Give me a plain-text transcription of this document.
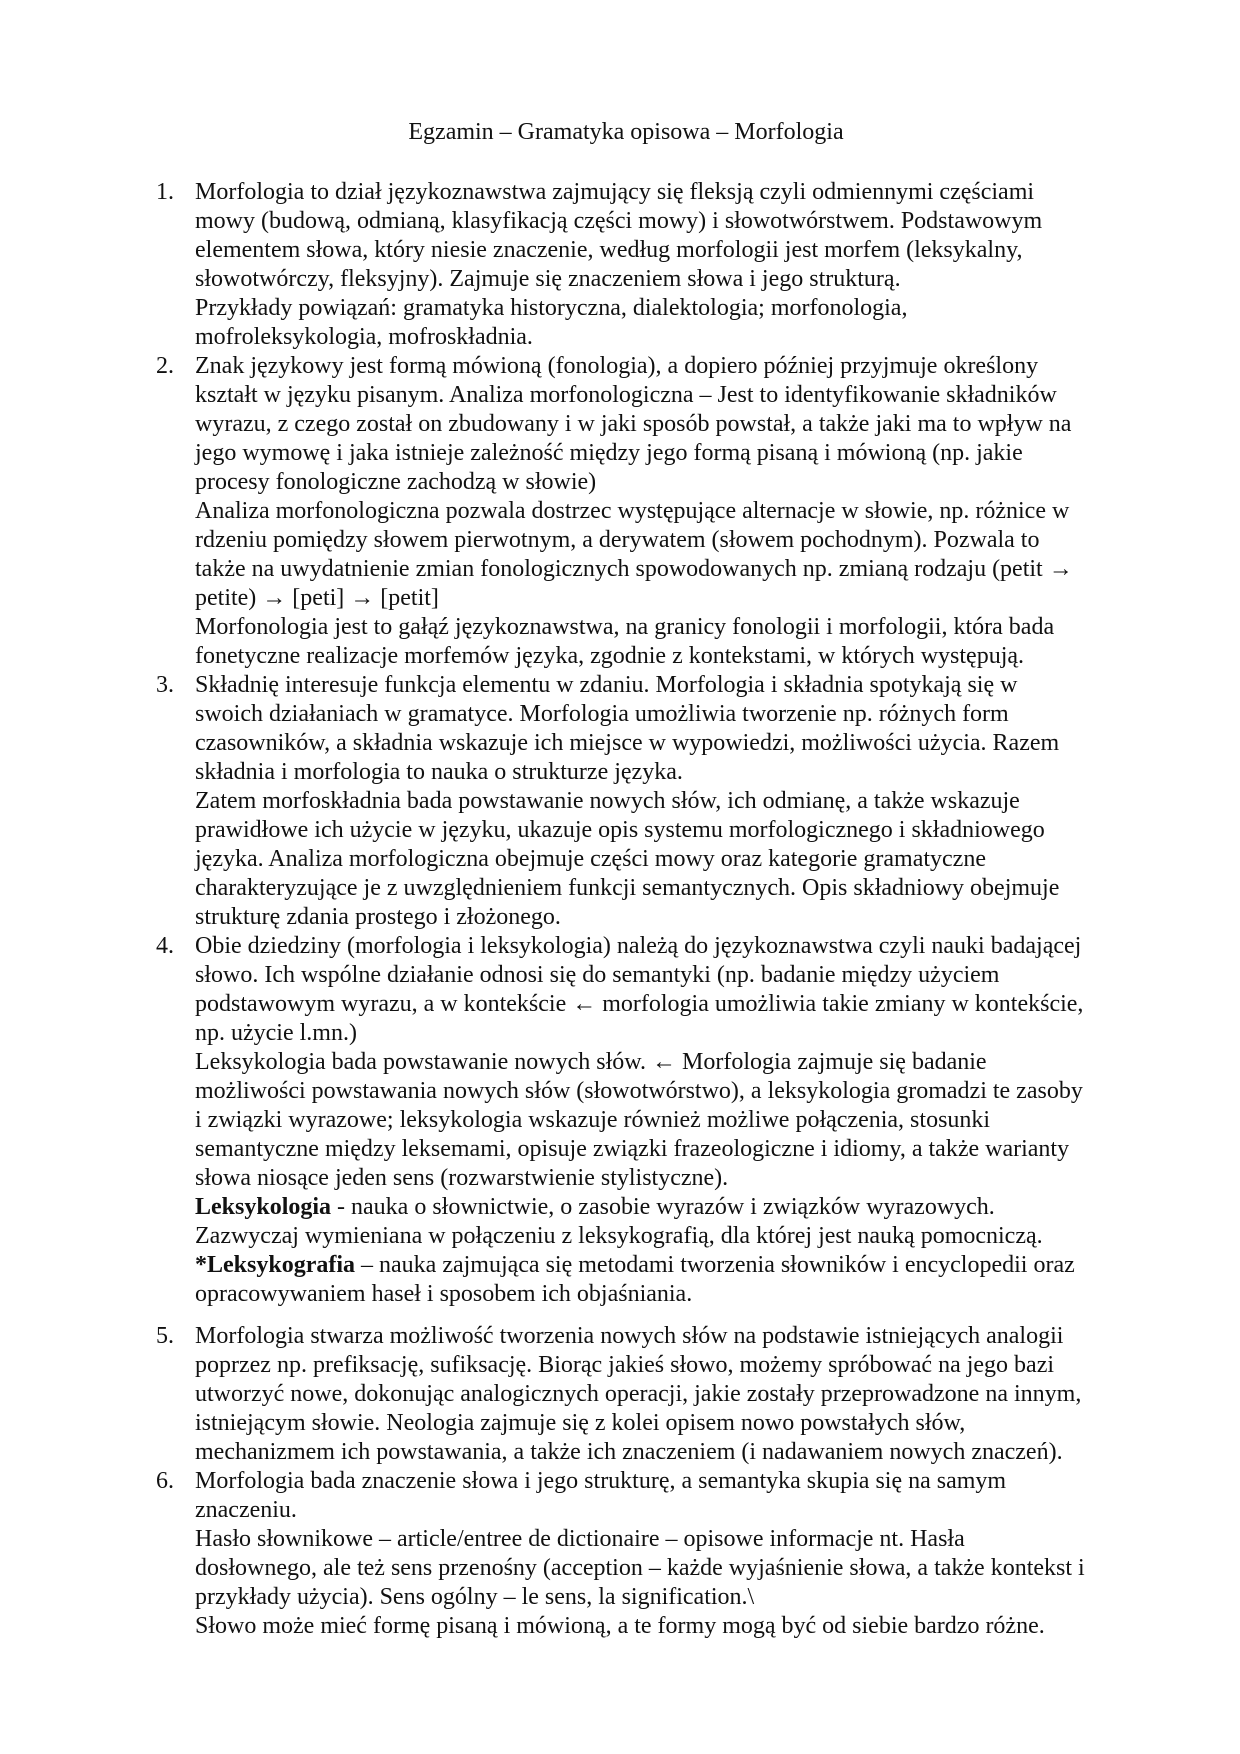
Egzamin – Gramatyka opisowa – Morfologia
1. Morfologia to dział językoznawstwa zajmujący się fleksją czyli odmiennymi częściami
mowy (budową, odmianą, klasyfikacją części mowy) i słowotwórstwem. Podstawowym
elementem słowa, który niesie znaczenie, według morfologii jest morfem (leksykalny,
słowotwórczy, fleksyjny). Zajmuje się znaczeniem słowa i jego strukturą.
Przykłady powiązań: gramatyka historyczna, dialektologia; morfonologia,
mofroleksykologia, mofroskładnia.
2. Znak językowy jest formą mówioną (fonologia), a dopiero później przyjmuje określony
kształt w języku pisanym. Analiza morfonologiczna – Jest to identyfikowanie składników
wyrazu, z czego został on zbudowany i w jaki sposób powstał, a także jaki ma to wpływ na
jego wymowę i jaka istnieje zależność między jego formą pisaną i mówioną (np. jakie
procesy fonologiczne zachodzą w słowie)
Analiza morfonologiczna pozwala dostrzec występujące alternacje w słowie, np. różnice w
rdzeniu pomiędzy słowem pierwotnym, a derywatem (słowem pochodnym). Pozwala to
także na uwydatnienie zmian fonologicznych spowodowanych np. zmianą rodzaju (petit →
petite) → [peti] → [petit]
Morfonologia jest to gałąź językoznawstwa, na granicy fonologii i morfologii, która bada
fonetyczne realizacje morfemów języka, zgodnie z kontekstami, w których występują.
3. Składnię interesuje funkcja elementu w zdaniu. Morfologia i składnia spotykają się w
swoich działaniach w gramatyce. Morfologia umożliwia tworzenie np. różnych form
czasowników, a składnia wskazuje ich miejsce w wypowiedzi, możliwości użycia. Razem
składnia i morfologia to nauka o strukturze języka.
Zatem morfoskładnia bada powstawanie nowych słów, ich odmianę, a także wskazuje
prawidłowe ich użycie w języku, ukazuje opis systemu morfologicznego i składniowego
języka. Analiza morfologiczna obejmuje części mowy oraz kategorie gramatyczne
charakteryzujące je z uwzględnieniem funkcji semantycznych. Opis składniowy obejmuje
strukturę zdania prostego i złożonego.
4. Obie dziedziny (morfologia i leksykologia) należą do językoznawstwa czyli nauki badającej
słowo. Ich wspólne działanie odnosi się do semantyki (np. badanie między użyciem
podstawowym wyrazu, a w kontekście ← morfologia umożliwia takie zmiany w kontekście,
np. użycie l.mn.)
Leksykologia bada powstawanie nowych słów. ← Morfologia zajmuje się badanie
możliwości powstawania nowych słów (słowotwórstwo), a leksykologia gromadzi te zasoby
i związki wyrazowe; leksykologia wskazuje również możliwe połączenia, stosunki
semantyczne między leksemami, opisuje związki frazeologiczne i idiomy, a także warianty
słowa niosące jeden sens (rozwarstwienie stylistyczne).
Leksykologia - nauka o słownictwie, o zasobie wyrazów i związków wyrazowych.
Zazwyczaj wymieniana w połączeniu z leksykografią, dla której jest nauką pomocniczą.
*Leksykografia – nauka zajmująca się metodami tworzenia słowników i encyclopedii oraz
opracowywaniem haseł i sposobem ich objaśniania.
5. Morfologia stwarza możliwość tworzenia nowych słów na podstawie istniejących analogii
poprzez np. prefiksację, sufiksację. Biorąc jakieś słowo, możemy spróbować na jego bazi
utworzyć nowe, dokonując analogicznych operacji, jakie zostały przeprowadzone na innym,
istniejącym słowie. Neologia zajmuje się z kolei opisem nowo powstałych słów,
mechanizmem ich powstawania, a także ich znaczeniem (i nadawaniem nowych znaczeń).
6. Morfologia bada znaczenie słowa i jego strukturę, a semantyka skupia się na samym
znaczeniu.
Hasło słownikowe – article/entree de dictionaire – opisowe informacje nt. Hasła
dosłownego, ale też sens przenośny (acception – każde wyjaśnienie słowa, a także kontekst i
przykłady użycia). Sens ogólny – le sens, la signification.\
Słowo może mieć formę pisaną i mówioną, a te formy mogą być od siebie bardzo różne.
